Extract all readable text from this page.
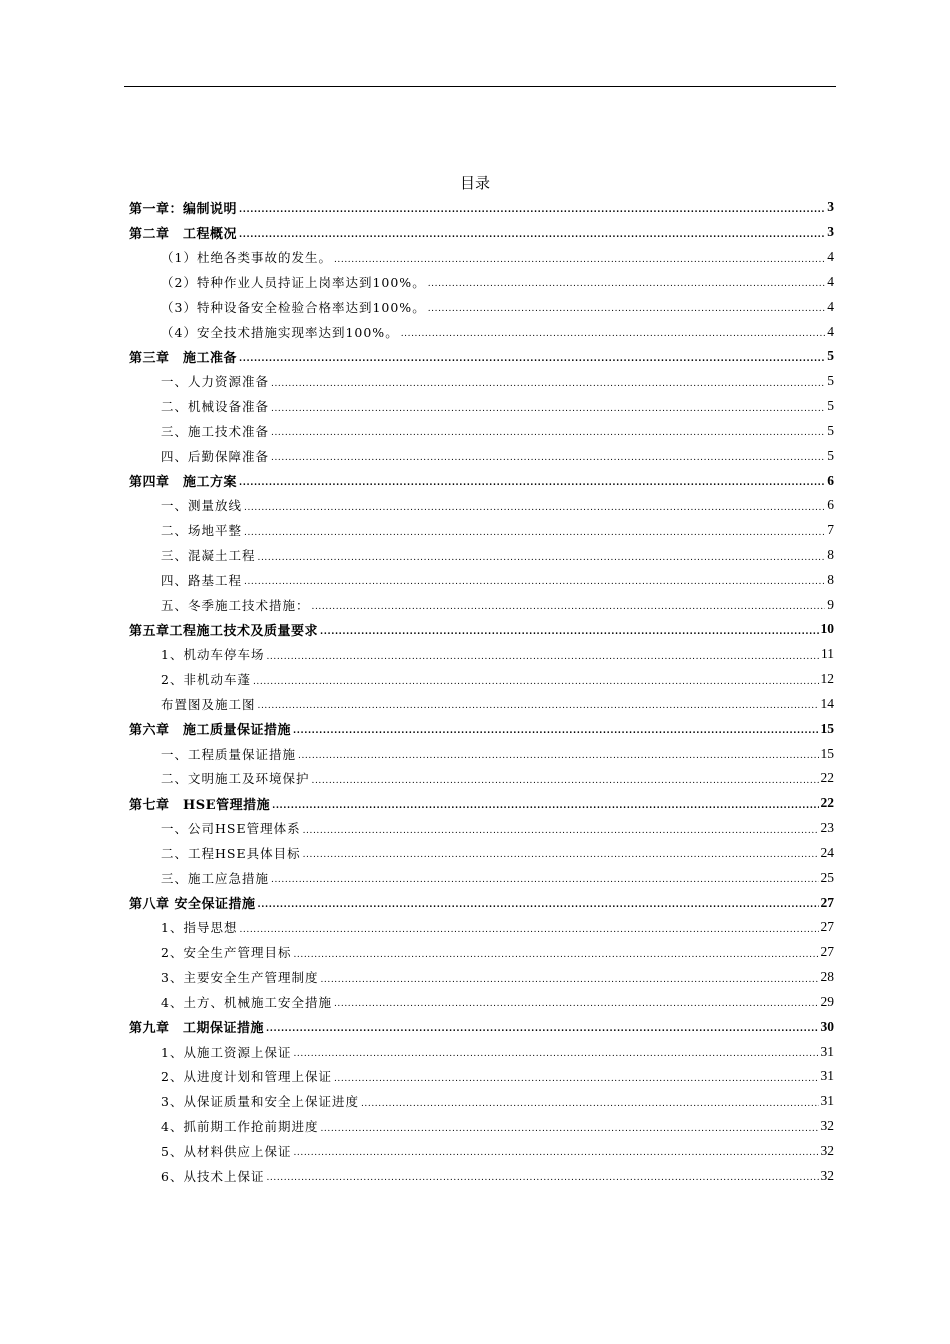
目录
第一章：编制说明 .....	3
第二章　工程概况 .....	3
（1）杜绝各类事故的发生。 .....	4
（2）特种作业人员持证上岗率达到100%。 .....	4
（3）特种设备安全检验合格率达到100%。 .....	4
（4）安全技术措施实现率达到100%。 .....	4
第三章　施工准备 .....	5
一、人力资源准备 .....	5
二、机械设备准备 .....	5
三、施工技术准备 .....	5
四、后勤保障准备 .....	5
第四章　施工方案 .....	6
一、测量放线 .....	6
二、场地平整 .....	7
三、混凝土工程 .....	8
四、路基工程 .....	8
五、冬季施工技术措施： .....	9
第五章工程施工技术及质量要求 .....	10
1、机动车停车场 .....	11
2、非机动车蓬 .....	12
布置图及施工图 .....	14
第六章　施工质量保证措施 .....	15
一、工程质量保证措施 .....	15
二、文明施工及环境保护 .....	22
第七章　HSE管理措施 .....	22
一、公司HSE管理体系 .....	23
二、工程HSE具体目标 .....	24
三、施工应急措施 .....	25
第八章 安全保证措施 .....	27
1、指导思想 .....	27
2、安全生产管理目标 .....	27
3、主要安全生产管理制度 .....	28
4、土方、机械施工安全措施 .....	29
第九章　工期保证措施 .....	30
1、从施工资源上保证 .....	31
2、从进度计划和管理上保证 .....	31
3、从保证质量和安全上保证进度 .....	31
4、抓前期工作抢前期进度 .....	32
5、从材料供应上保证 .....	32
6、从技术上保证 .....	32
